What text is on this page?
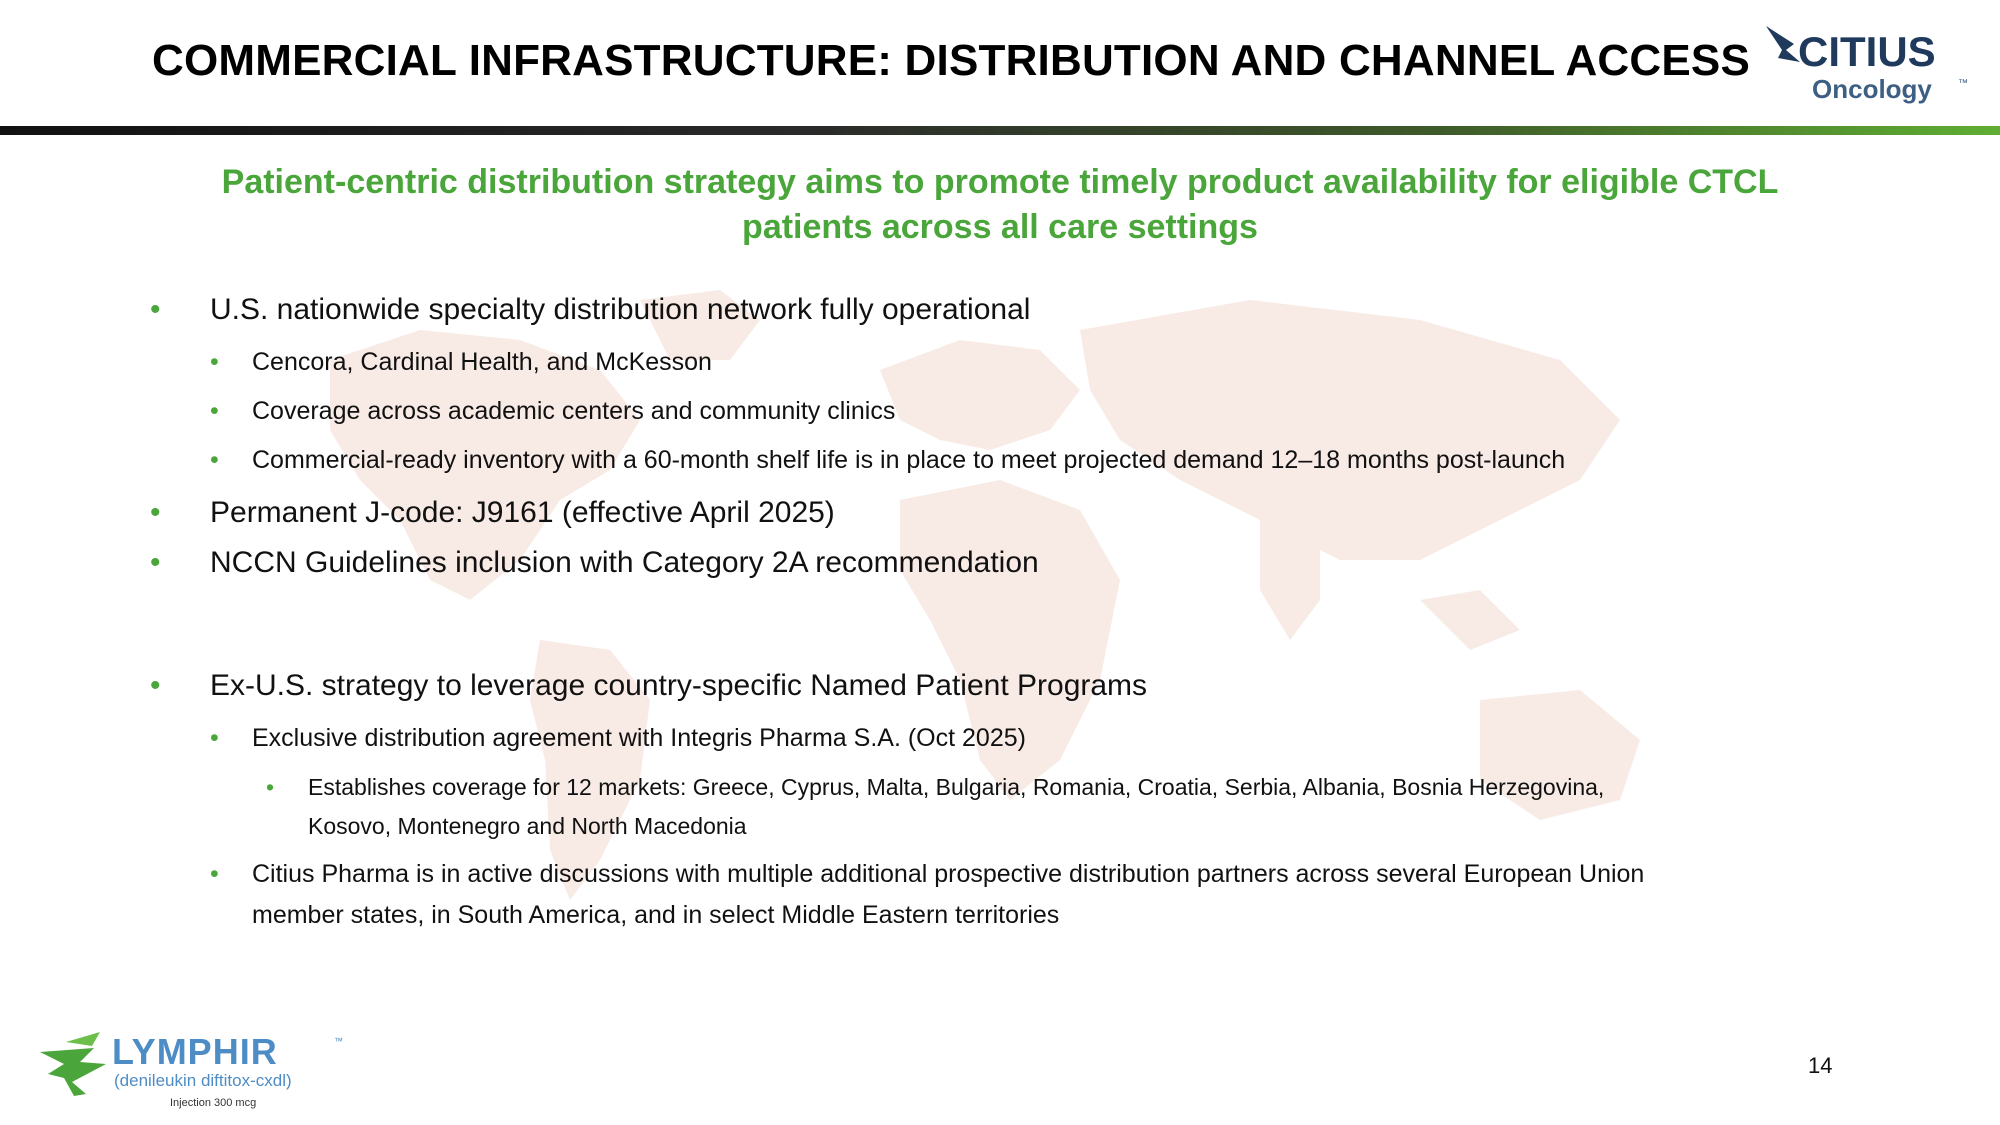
COMMERCIAL INFRASTRUCTURE: DISTRIBUTION AND CHANNEL ACCESS CITIUS
Oncology	™
Patient-centric distribution strategy aims to promote timely product availability for eligible CTCL
patients across all care settings
• U.S. nationwide specialty distribution network fully operational
• Cencora, Cardinal Health, and McKesson
• Coverage across academic centers and community clinics
• Commercial-ready inventory with a 60-month shelf life is in place to meet projected demand 12–18 months post-launch
• Permanent J-code: J9161 (effective April 2025)
• NCCN Guidelines inclusion with Category 2A recommendation
• Ex-U.S. strategy to leverage country-specific Named Patient Programs
• Exclusive distribution agreement with Integris Pharma S.A. (Oct 2025)
• Establishes coverage for 12 markets: Greece, Cyprus, Malta, Bulgaria, Romania, Croatia, Serbia, Albania, Bosnia Herzegovina,
Kosovo, Montenegro and North Macedonia
• Citius Pharma is in active discussions with multiple additional prospective distribution partners across several European Union
member states, in South America, and in select Middle Eastern territories
LYMPHIR	™
(denileukin diftitox-cxdl)
Injection 300 mcg
14
